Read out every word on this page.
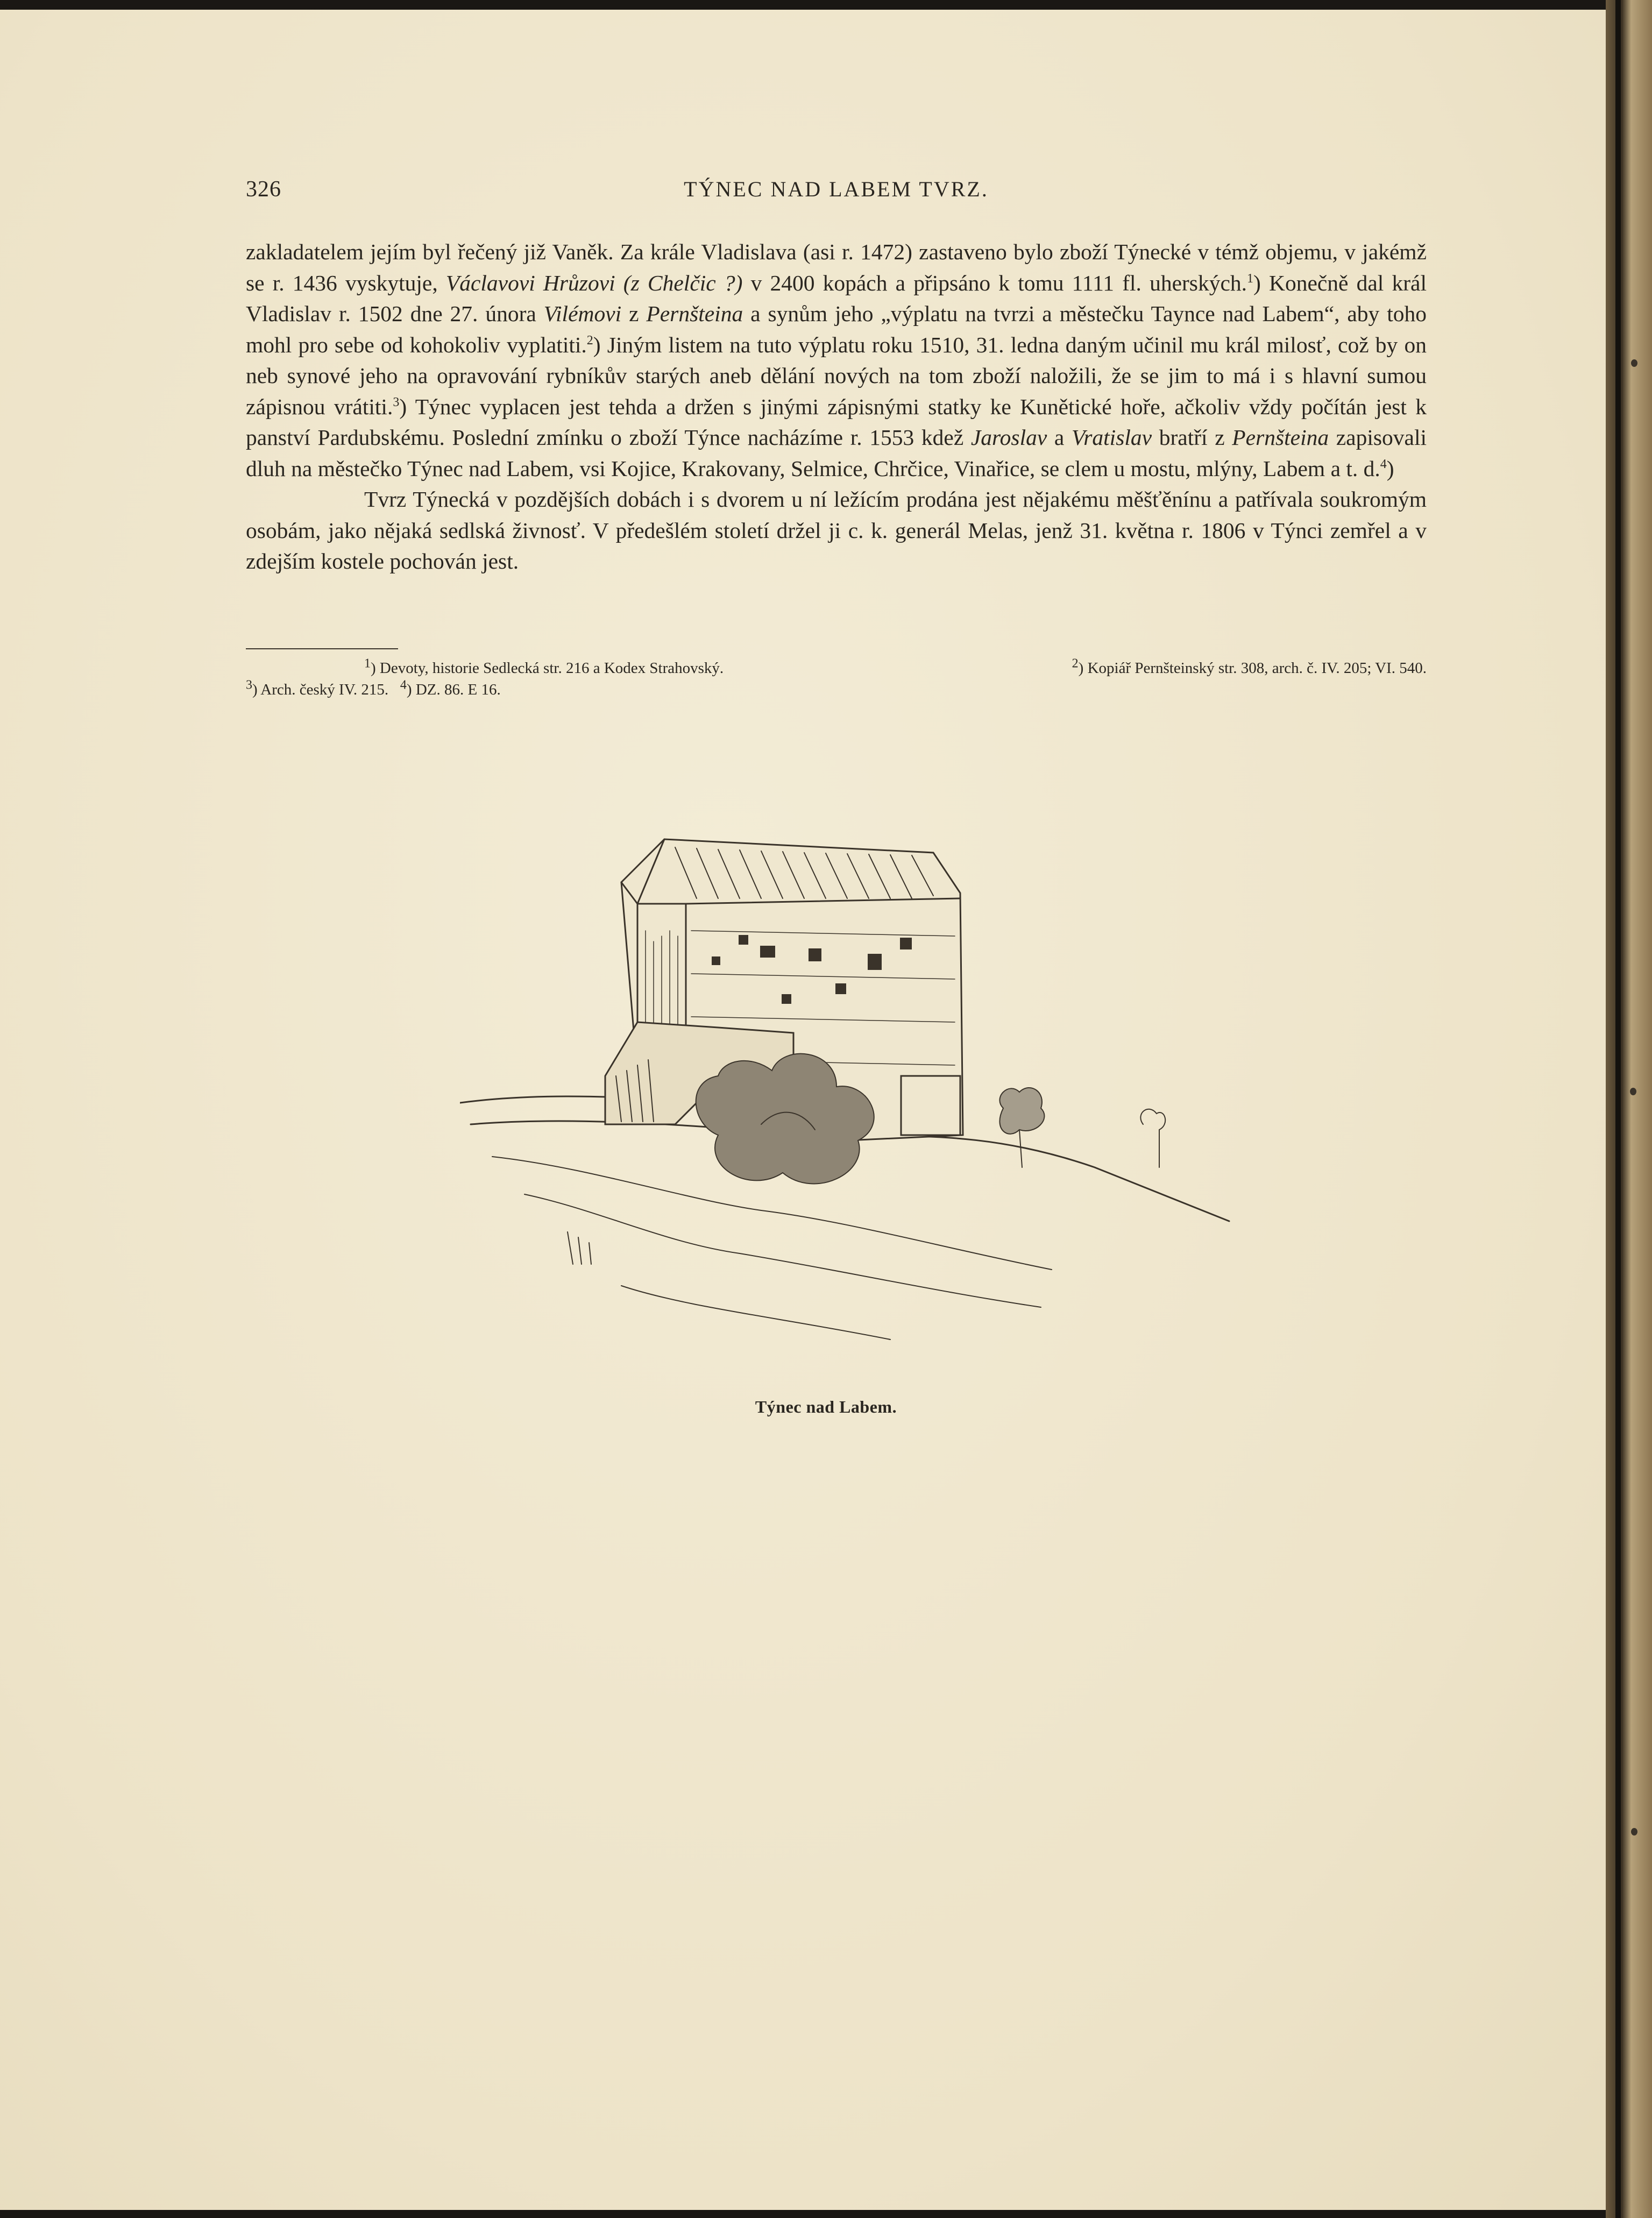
326	TÝNEC NAD LABEM TVRZ.

zakladatelem jejím byl řečený již Vaněk. Za krále Vladislava (asi r. 1472) zastaveno bylo zboží Týnecké v témž objemu, v jakémž se r. 1436 vyskytuje, Václavovi Hrůzovi (z Chelčic ?) v 2400 kopách a připsáno k tomu 1111 fl. uherských.$^1$) Konečně dal král Vladislav r. 1502 dne 27. února Vilémovi z Pernšteina a synům jeho „výplatu na tvrzi a městečku Taynce nad Labem“, aby toho mohl pro sebe od kohokoliv vyplatiti.$^2$) Jiným listem na tuto výplatu roku 1510, 31. ledna daným učinil mu král milosť, což by on neb synové jeho na opravování rybníkův starých aneb dělání nových na tom zboží naložili, že se jim to má i s hlavní sumou zápisnou vrátiti.$^3$) Týnec vyplacen jest tehda a držen s jinými zápisnými statky ke Kunětické hoře, ačkoliv vždy počítán jest k panství Pardubskému. Poslední zmínku o zboží Týnce nacházíme r. 1553 kdež Jaroslav a Vratislav bratří z Pernšteina zapisovali dluh na městečko Týnec nad Labem, vsi Kojice, Krakovany, Selmice, Chrčice, Vinařice, se clem u mostu, mlýny, Labem a t. d.$^4$)

Tvrz Týnecká v pozdějších dobách i s dvorem u ní ležícím prodána jest nějakému měšťěnínu a patřívala soukromým osobám, jako nějaká sedlská živnosť. V předešlém století držel ji c. k. generál Melas, jenž 31. května r. 1806 v Týnci zemřel a v zdejším kostele pochován jest.

$^1$) Devoty, historie Sedlecká str. 216 a Kodex Strahovský.	$^2$) Kopiář Pernšteinský str. 308, arch. č. IV. 205; VI. 540.
$^3$) Arch. český IV. 215. $^4$) DZ. 86. E 16.
Týnec nad Labem.
